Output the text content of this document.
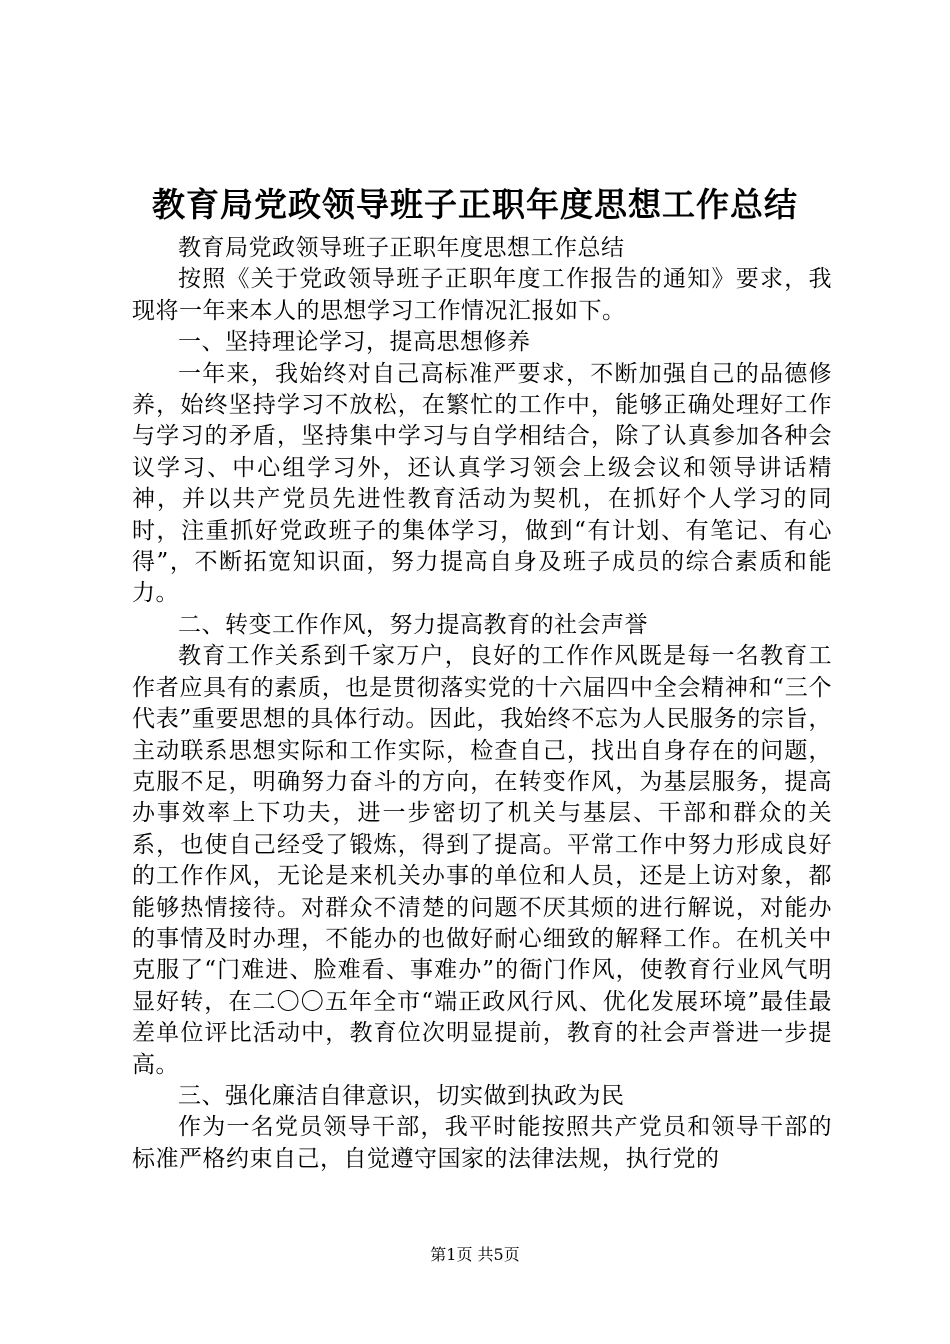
教育局党政领导班子正职年度思想工作总结

教育局党政领导班子正职年度思想工作总结

按照《关于党政领导班子正职年度工作报告的通知》要求，我现将一年来本人的思想学习工作情况汇报如下。

一、坚持理论学习，提高思想修养

一年来，我始终对自己高标准严要求，不断加强自己的品德修养，始终坚持学习不放松，在繁忙的工作中，能够正确处理好工作与学习的矛盾，坚持集中学习与自学相结合，除了认真参加各种会议学习、中心组学习外，还认真学习领会上级会议和领导讲话精神，并以共产党员先进性教育活动为契机，在抓好个人学习的同时，注重抓好党政班子的集体学习，做到“有计划、有笔记、有心得”，不断拓宽知识面，努力提高自身及班子成员的综合素质和能力。

二、转变工作作风，努力提高教育的社会声誉

教育工作关系到千家万户，良好的工作作风既是每一名教育工作者应具有的素质，也是贯彻落实党的十六届四中全会精神和“三个代表”重要思想的具体行动。因此，我始终不忘为人民服务的宗旨，主动联系思想实际和工作实际，检查自己，找出自身存在的问题，克服不足，明确努力奋斗的方向，在转变作风，为基层服务，提高办事效率上下功夫，进一步密切了机关与基层、干部和群众的关系，也使自己经受了锻炼，得到了提高。平常工作中努力形成良好的工作作风，无论是来机关办事的单位和人员，还是上访对象，都能够热情接待。对群众不清楚的问题不厌其烦的进行解说，对能办的事情及时办理，不能办的也做好耐心细致的解释工作。在机关中克服了“门难进、脸难看、事难办”的衙门作风，使教育行业风气明显好转，在二〇〇五年全市“端正政风行风、优化发展环境”最佳最差单位评比活动中，教育位次明显提前，教育的社会声誉进一步提高。

三、强化廉洁自律意识，切实做到执政为民

作为一名党员领导干部，我平时能按照共产党员和领导干部的标准严格约束自己，自觉遵守国家的法律法规，执行党的

第1页 共5页
